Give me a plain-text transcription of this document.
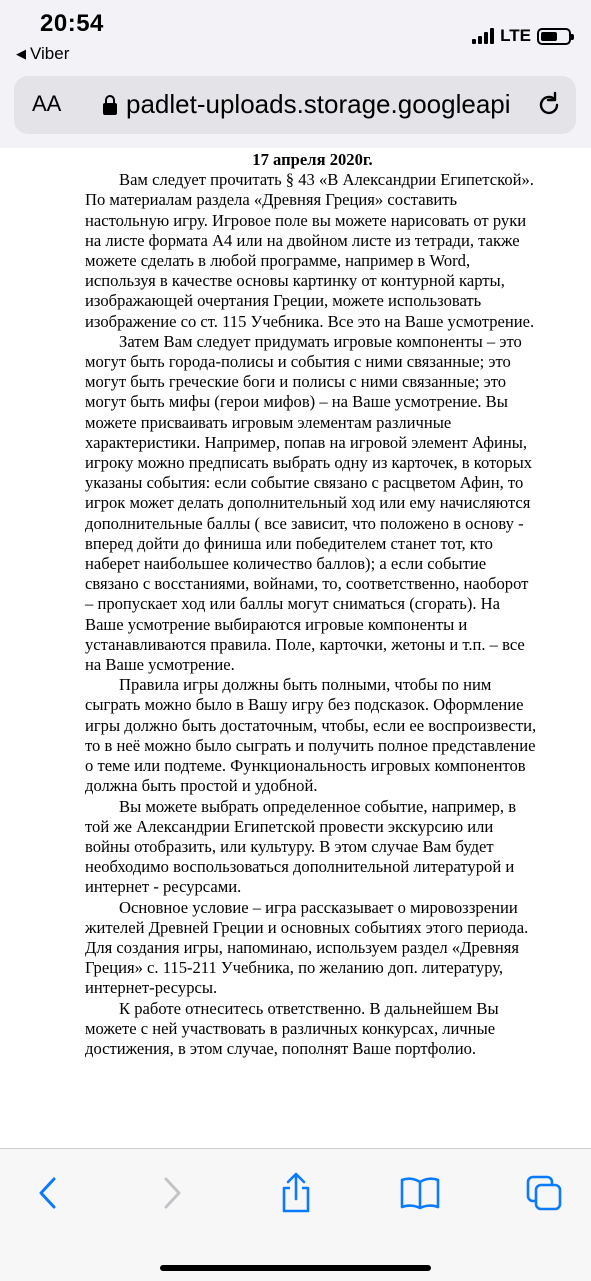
20:54
◀ Viber
LTE
AA padlet-uploads.storage.googleapi

17 апреля 2020г.

Вам следует прочитать § 43 «В Александрии Египетской». По материалам раздела «Древняя Греция» составить настольную игру. Игровое поле вы можете нарисовать от руки на листе формата А4 или на двойном листе из тетради, также можете сделать в любой программе, например в Word, используя в качестве основы картинку от контурной карты, изображающей очертания Греции, можете использовать изображение со ст. 115 Учебника. Все это на Ваше усмотрение.

Затем Вам следует придумать игровые компоненты – это могут быть города-полисы и события с ними связанные; это могут быть греческие боги и полисы с ними связанные; это могут быть мифы (герои мифов) – на Ваше усмотрение. Вы можете присваивать игровым элементам различные характеристики. Например, попав на игровой элемент Афины, игроку можно предписать выбрать одну из карточек, в которых указаны события: если событие связано с расцветом Афин, то игрок может делать дополнительный ход или ему начисляются дополнительные баллы ( все зависит, что положено в основу - вперед дойти до финиша или победителем станет тот, кто наберет наибольшее количество баллов); а если событие связано с восстаниями, войнами, то, соответственно, наоборот – пропускает ход или баллы могут сниматься (сгорать). На Ваше усмотрение выбираются игровые компоненты и устанавливаются правила. Поле, карточки, жетоны и т.п. – все на Ваше усмотрение.

Правила игры должны быть полными, чтобы по ним сыграть можно было в Вашу игру без подсказок. Оформление игры должно быть достаточным, чтобы, если ее воспроизвести, то в неё можно было сыграть и получить полное представление о теме или подтеме. Функциональность игровых компонентов должна быть простой и удобной.

Вы можете выбрать определенное событие, например, в той же Александрии Египетской провести экскурсию или войны отобразить, или культуру. В этом случае Вам будет необходимо воспользоваться дополнительной литературой и интернет - ресурсами.

Основное условие – игра рассказывает о мировоззрении жителей Древней Греции и основных событиях этого периода. Для создания игры, напоминаю, используем раздел «Древняя Греция» с. 115-211 Учебника, по желанию доп. литературу, интернет-ресурсы.

К работе отнеситесь ответственно. В дальнейшем Вы можете с ней участвовать в различных конкурсах, личные достижения, в этом случае, пополнят Ваше портфолио.
